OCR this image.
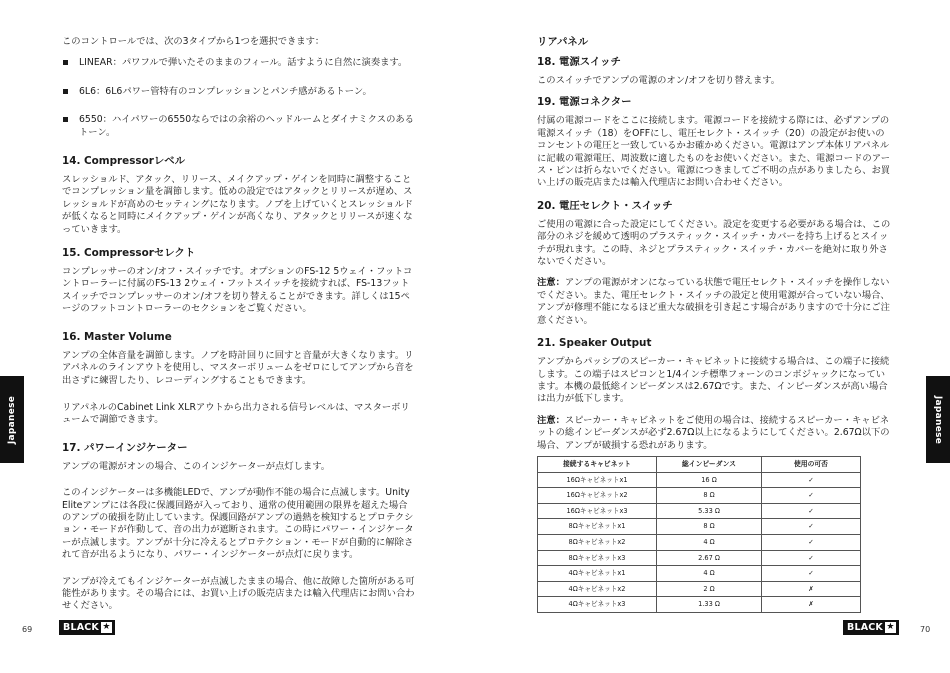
このコントロールでは、次の3タイプから1つを選択できます：

LINEAR：パワフルで弾いたそのままのフィール。話すように自然に演奏ます。
6L6：6L6パワー管特有のコンプレッションとパンチ感があるトーン。
6550：ハイパワーの6550ならではの余裕のヘッドルームとダイナミクスのあるトーン。
14. Compressorレベル

スレッショルド、アタック、リリース、メイクアップ・ゲインを同時に調整することでコンプレッション量を調節します。低めの設定ではアタックとリリースが遅め、スレッショルドが高めのセッティングになります。ノブを上げていくとスレッショルドが低くなると同時にメイクアップ・ゲインが高くなり、アタックとリリースが速くなっていきます。

15. Compressorセレクト

コンプレッサーのオン/オフ・スイッチです。オプションのFS-12 5ウェイ・フットコントローラーに付属のFS-13 2ウェイ・フットスイッチを接続すれば、FS-13フットスイッチでコンプレッサーのオン/オフを切り替えることができます。詳しくは15ページのフットコントローラーのセクションをご覧ください。

16. Master Volume

アンプの全体音量を調節します。ノブを時計回りに回すと音量が大きくなります。リアパネルのラインアウトを使用し、マスターボリュームをゼロにしてアンプから音を出さずに練習したり、レコーディングすることもできます。

リアパネルのCabinet Link XLRアウトから出力される信号レベルは、マスターボリュームで調節できます。

17. パワーインジケーター

アンプの電源がオンの場合、このインジケーターが点灯します。

このインジケーターは多機能LEDで、アンプが動作不能の場合に点滅します。Unity Eliteアンプには各段に保護回路が入っており、通常の使用範囲の限界を超えた場合のアンプの破損を防止しています。保護回路がアンプの過熱を検知するとプロテクション・モードが作動して、音の出力が遮断されます。この時にパワー・インジケーターが点滅します。アンプが十分に冷えるとプロテクション・モードが自動的に解除されて音が出るようになり、パワー・インジケーターが点灯に戻ります。

アンプが冷えてもインジケーターが点滅したままの場合、他に故障した箇所がある可能性があります。その場合には、お買い上げの販売店または輸入代理店にお問い合わせください。

リアパネル
18. 電源スイッチ

このスイッチでアンプの電源のオン/オフを切り替えます。

19. 電源コネクター

付属の電源コードをここに接続します。電源コードを接続する際には、必ずアンプの電源スイッチ（18）をOFFにし、電圧セレクト・スイッチ（20）の設定がお使いのコンセントの電圧と一致しているかお確かめください。電源はアンプ本体リアパネルに記載の電源電圧、周波数に適したものをお使いください。また、電源コードのアース・ピンは折らないでください。電源につきましてご不明の点がありましたら、お買い上げの販売店または輸入代理店にお問い合わせください。

20. 電圧セレクト・スイッチ

ご使用の電源に合った設定にしてください。設定を変更する必要がある場合は、この部分のネジを緩めて透明のプラスティック・スイッチ・カバーを持ち上げるとスイッチが現れます。この時、ネジとプラスティック・スイッチ・カバーを絶対に取り外さないでください。

注意：アンプの電源がオンになっている状態で電圧セレクト・スイッチを操作しないでください。また、電圧セレクト・スイッチの設定と使用電源が合っていない場合、アンプが修理不能になるほど重大な破損を引き起こす場合がありますので十分にご注意ください。

21. Speaker Output

アンプからパッシブのスピーカー・キャビネットに接続する場合は、この端子に接続します。この端子はスピコンと1/4インチ標準フォーンのコンボジャックになっています。本機の最低総インピーダンスは2.67Ωです。また、インピーダンスが高い場合は出力が低下します。

注意：スピーカー・キャビネットをご使用の場合は、接続するスピーカー・キャビネットの総インピーダンスが必ず2.67Ω以上になるようにしてください。2.67Ω以下の場合、アンプが破損する恐れがあります。

接続するキャビネット	総インピーダンス	使用の可否
16Ωキャビネットx1	16 Ω	✓
16Ωキャビネットx2	8 Ω	✓
16Ωキャビネットx3	5.33 Ω	✓
8Ωキャビネットx1	8 Ω	✓
8Ωキャビネットx2	4 Ω	✓
8Ωキャビネットx3	2.67 Ω	✓
4Ωキャビネットx1	4 Ω	✓
4Ωキャビネットx2	2 Ω	✗
4Ωキャビネットx3	1.33 Ω	✗
Japanese	Japanese
69	BLACK ★	BLACK ★	70
